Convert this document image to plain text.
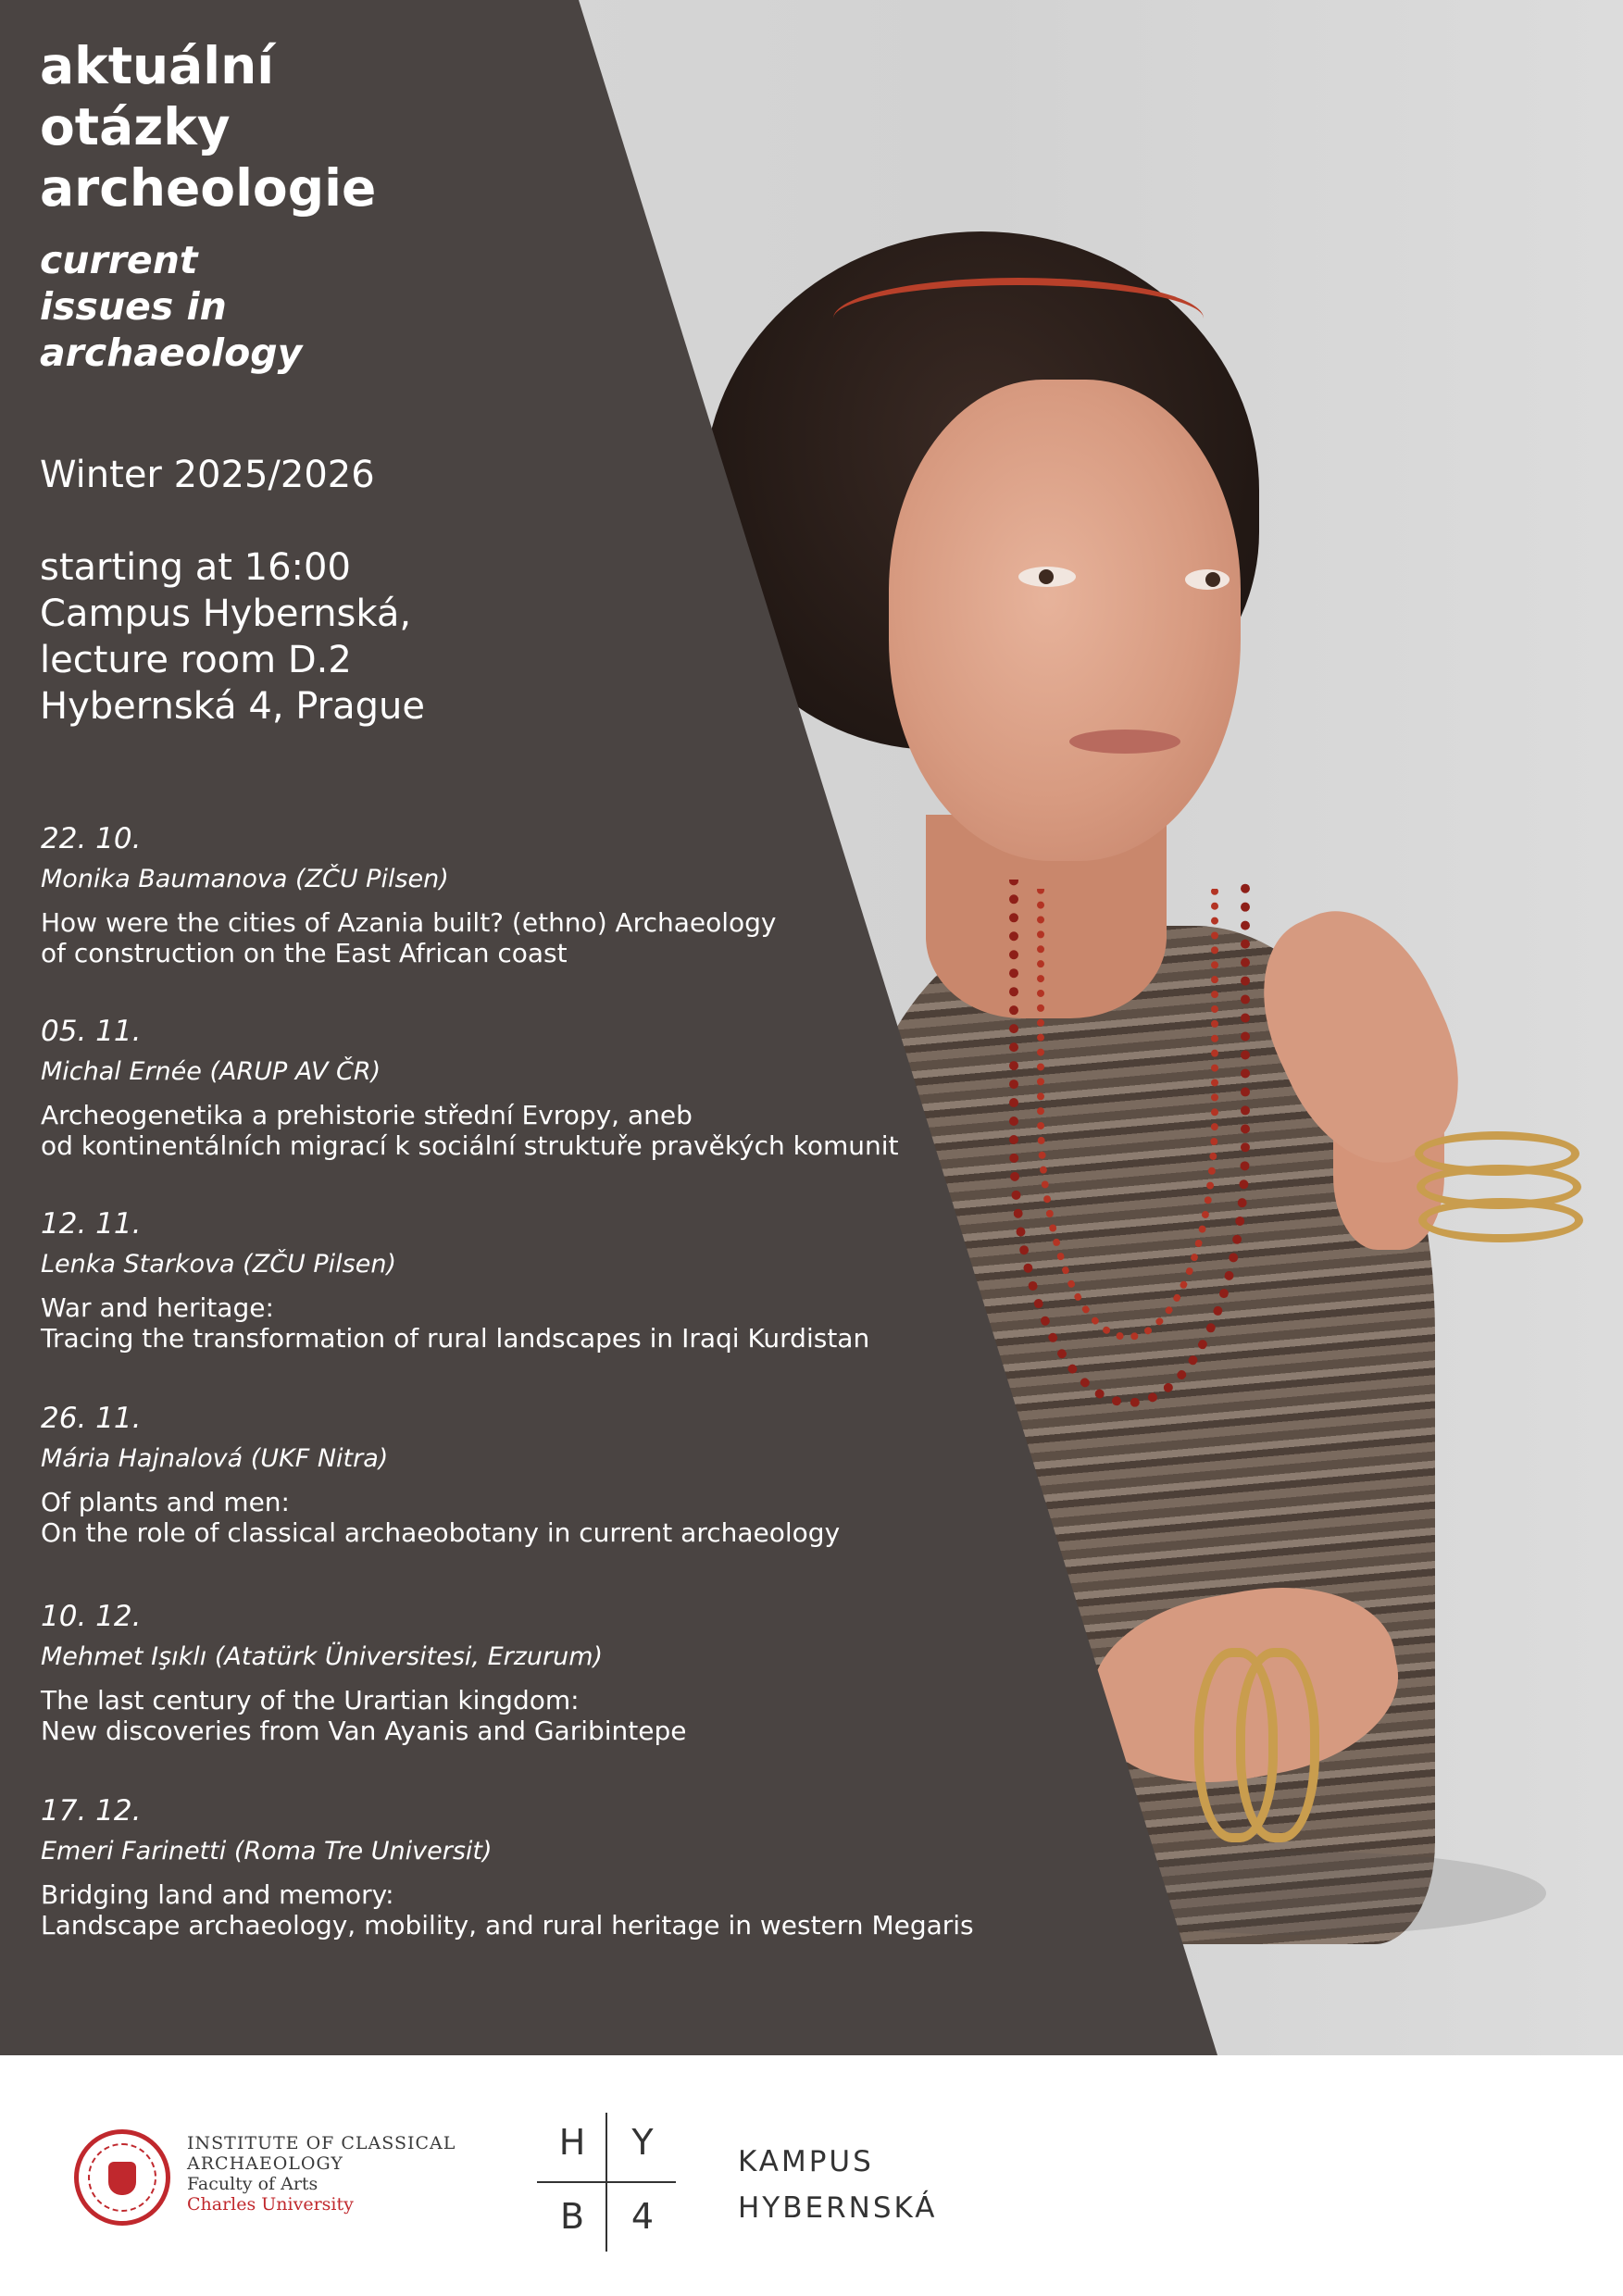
aktuální
otázky
archeologie
current
issues in
archaeology
Winter 2025/2026
starting at 16:00
Campus Hybernská,
lecture room D.2
Hybernská 4, Prague
22. 10.
Monika Baumanova (ZČU Pilsen)
How were the cities of Azania built? (ethno) Archaeology
of construction on the East African coast
05. 11.
Michal Ernée (ARUP AV ČR)
Archeogenetika a prehistorie střední Evropy, aneb
od kontinentálních migrací k sociální struktuře pravěkých komunit
12. 11.
Lenka Starkova (ZČU Pilsen)
War and heritage:
Tracing the transformation of rural landscapes in Iraqi Kurdistan
26. 11.
Mária Hajnalová (UKF Nitra)
Of plants and men:
On the role of classical archaeobotany in current archaeology
10. 12.
Mehmet Işıklı (Atatürk Üniversitesi, Erzurum)
The last century of the Urartian kingdom:
New discoveries from Van Ayanis and Garibintepe
17. 12.
Emeri Farinetti (Roma Tre Universit)
Bridging land and memory:
Landscape archaeology, mobility, and rural heritage in western Megaris
INSTITUTE OF CLASSICAL
ARCHAEOLOGY
Faculty of Arts
Charles University
H	Y
B	4
KAMPUS
HYBERNSKÁ
